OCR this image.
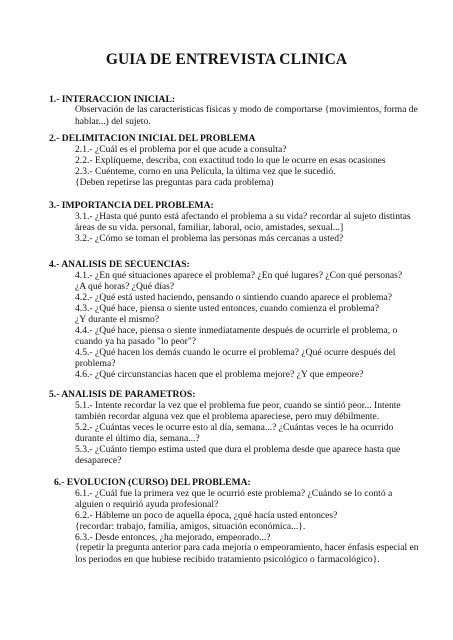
GUIA DE ENTREVISTA CLINICA
1.- INTERACCION INICIAL:
Observación de las características físicas y modo de comportarse {movimientos, forma de
hablar...) del sujeto.
2.- DELIMITACION INICIAL DEL PROBLEMA
2.1.- ¿Cuál es el problema por el que acude a consulta?
2.2.- Explíqueme, describa, con exactitud todo lo que le ocurre en esas ocasiones
2.3.- Cuénteme, corno en una Película, la última vez que le sucedió.
{Deben repetirse las preguntas para cada problema)
3.- IMPORTANCIA DEL PROBLEMA:
3.1.- ¿Hasta qué punto está afectando el problema a su vida? recordar al sujeto distintas
áreas de su vida. personal, familiar, laboral, ocio, amistades, sexual...]
3.2.- ¿Cómo se toman el problema las personas más cercanas a usted?
4.- ANALISIS DE SECUENCIAS:
4.1.- ¿En qué situaciones aparece el problema? ¿En qué lugares? ¿Con qué personas?
¿A qué horas? ¿Qué días?
4.2.- ¿Qué está usted haciendo, pensando o sintiendo cuando aparece el problema?
4.3.- ¿Qué hace, piensa o siente usted entonces, cuando comienza el problema?
¿Y durante el mismo?
4.4.- ¿Qué hace, piensa o siente inmediatamente después de ocurrirle el problema, o
cuando ya ha pasado "lo peor"?
4.5.- ¿Qué hacen los demás cuando le ocurre el problema? ¿Qué ocurre después del
problema?
4.6.- ¿Qué circunstancias hacen que el problema mejore? ¿Y que empeore?
5.- ANALISIS DE PARAMETROS:
5.1.- Intente recordar la vez que el problema fue peor, cuando se sintió peor... Intente
también recordar alguna vez que el problema apareciese, pero muy débilmente.
5.2.- ¿Cuántas veces le ocurre esto al día, semana...? ¿Cuántas veces le ha ocurrido
durante el último día, semana...?
5.3.- ¿Cuánto tiempo estima usted que dura el problema desde que aparece hasta que
desaparece?
6.- EVOLUCION (CURSO) DEL PROBLEMA:
6.1.- ¿Cuál fue la primera vez que le ocurrió este problema? ¿Cuándo se lo contó a
alguien o requirió ayuda profesional?
6.2.- Hábleme un poco de aquella época, ¿qué hacía usted entonces?
{recordar: trabajo, familia, amigos, situación económica...}.
6.3.- Desde entonces, ¿ha mejorado, empeorado...?
{repetir la pregunta anterior para cada mejoría o empeoramiento, hacer énfasis especial en
los periodos en que hubiese recibido tratamiento psicológico o farmacológico}.
